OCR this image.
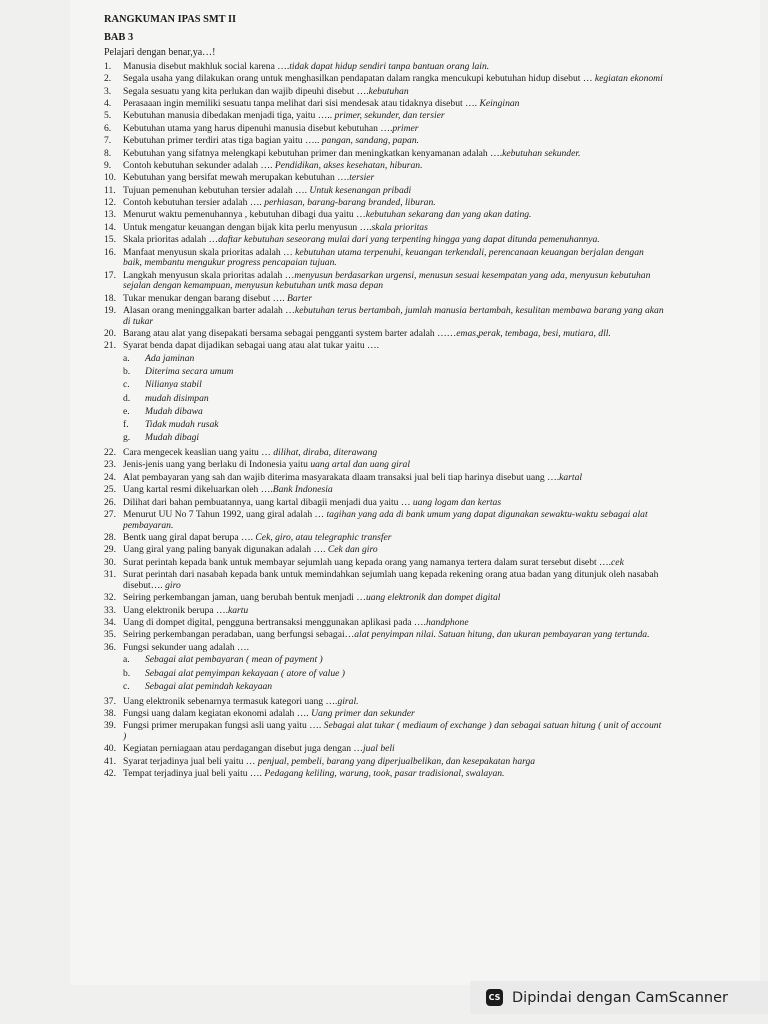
RANGKUMAN IPAS SMT II
BAB 3
Pelajari dengan benar,ya…!
1.	Manusia disebut makhluk social karena ….tidak dapat hidup sendiri tanpa bantuan orang lain.
2.	Segala usaha yang dilakukan orang untuk menghasilkan pendapatan dalam rangka mencukupi kebutuhan hidup disebut … kegiatan ekonomi
3.	Segala sesuatu yang kita perlukan dan wajib dipeuhi disebut ….kebutuhan
4.	Perasaaan ingin memiliki sesuatu tanpa melihat dari sisi mendesak atau tidaknya disebut …. Keinginan
5.	Kebutuhan manusia dibedakan menjadi tiga, yaitu ….. primer, sekunder, dan tersier
6.	Kebutuhan utama yang harus dipenuhi manusia disebut kebutuhan ….primer
7.	Kebutuhan primer terdiri atas tiga bagian yaitu ….. pangan, sandang, papan.
8.	Kebutuhan yang sifatnya melengkapi kebutuhan primer dan meningkatkan kenyamanan adalah ….kebutuhan sekunder.
9.	Contoh kebutuhan sekunder adalah …. Pendidikan, akses kesehatan, hiburan.
10. Kebutuhan yang bersifat mewah merupakan kebutuhan ….tersier
11. Tujuan pemenuhan kebutuhan tersier adalah …. Untuk kesenangan pribadi
12. Contoh kebutuhan tersier adalah …. perhiasan, barang-barang branded, liburan.
13. Menurut waktu pemenuhannya , kebutuhan dibagi dua yaitu …kebutuhan sekarang dan yang akan dating.
14. Untuk mengatur keuangan dengan bijak kita perlu menyusun ….skala prioritas
15. Skala prioritas adalah …daftar kebutuhan seseorang mulai dari yang terpenting hingga yang dapat ditunda pemenuhannya.
16. Manfaat menyusun skala prioritas adalah … kebutuhan utama terpenuhi, keuangan terkendali, perencanaan keuangan berjalan dengan baik, membantu mengukur progress pencapaian tujuan.
17. Langkah menyusun skala prioritas adalah …menyusun berdasarkan urgensi, menusun sesuai kesempatan yang ada, menyusun kebutuhan sejalan dengan kemampuan, menyusun kebutuhan untk masa depan
18. Tukar menukar dengan barang disebut …. Barter
19. Alasan orang meninggalkan barter adalah …kebutuhan terus bertambah, jumlah manusia bertambah, kesulitan membawa barang yang akan di tukar
20. Barang atau alat yang disepakati bersama sebagai pengganti system barter adalah ……emas,perak, tembaga, besi, mutiara, dll.
21. Syarat benda dapat dijadikan sebagai uang atau alat tukar yaitu ….
a.	Ada jaminan
b.	Diterima secara umum
c.	Nilianya stabil
d.	mudah disimpan
e.	Mudah dibawa
f.	Tidak mudah rusak
g.	Mudah dibagi
22. Cara mengecek keaslian uang yaitu … dilihat, diraba, diterawang
23. Jenis-jenis uang yang berlaku di Indonesia yaitu uang artal dan uang giral
24. Alat pembayaran yang sah dan wajib diterima masyarakata dlaam transaksi jual beli tiap harinya disebut uang ….kartal
25. Uang kartal resmi dikeluarkan oleh ….Bank Indonesia
26. Dilihat dari bahan pembuatannya, uang kartal dibagii menjadi dua yaitu … uang logam dan kertas
27. Menurut UU No 7 Tahun 1992, uang giral adalah … tagihan yang ada di bank umum yang dapat digunakan sewaktu-waktu sebagai alat pembayaran.
28. Bentk uang giral dapat berupa …. Cek, giro, atau telegraphic transfer
29. Uang giral yang paling banyak digunakan adalah …. Cek dan giro
30. Surat perintah kepada bank untuk membayar sejumlah uang kepada orang yang namanya tertera dalam surat tersebut disebt ….cek
31. Surat perintah dari nasabah kepada bank untuk memindahkan sejumlah uang kepada rekening orang atua badan yang ditunjuk oleh nasabah disebut…. giro
32. Seiring perkembangan jaman, uang berubah bentuk menjadi …uang elektronik dan dompet digital
33. Uang elektronik berupa ….kartu
34. Uang di dompet digital, pengguna bertransaksi menggunakan aplikasi pada ….handphone
35. Seiring perkembangan peradaban, uang berfungsi sebagai…alat penyimpan nilai. Satuan hitung, dan ukuran pembayaran yang tertunda.
36. Fungsi sekunder uang adalah ….
a.	Sebagai alat pembayaran ( mean of payment )
b.	Sebagai alat pemyimpan kekayaan ( atore of value )
c.	Sebagai alat pemindah kekayaan
37. Uang elektronik sebenarnya termasuk kategori uang ….giral.
38. Fungsi uang dalam kegiatan ekonomi adalah …. Uang primer dan sekunder
39. Fungsi primer merupakan fungsi asli uang yaitu …. Sebagai alat tukar ( mediaum of exchange ) dan sebagai satuan hitung ( unit of account )
40. Kegiatan perniagaan atau perdagangan disebut juga dengan …jual beli
41. Syarat terjadinya jual beli yaitu … penjual, pembeli, barang yang diperjualbelikan, dan kesepakatan harga
42. Tempat terjadinya jual beli yaitu …. Pedagang keliling, warung, took, pasar tradisional, swalayan.
CS Dipindai dengan CamScanner
